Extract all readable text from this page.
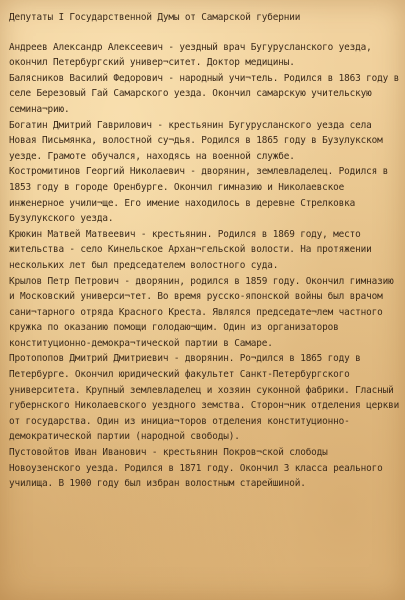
Депутаты I Государственной Думы от Самарской губернии

Андреев Александр Алексеевич - уездный врач Бугурусланского уезда, окончил Петербургский универ¬ситет. Доктор медицины.

Балясников Василий Федорович - народный учи¬тель. Родился в 1863 году в селе Березовый Гай Самарского уезда. Окончил самарскую учительскую семина¬рию.

Богатин Дмитрий Гаврилович - крестьянин Бугурусланского уезда села Новая Письмянка, волостной су¬дья. Родился в 1865 году в Бузулукском уезде. Грамоте обучался, находясь на военной службе.

Костромитинов Георгий Николаевич - дворянин, землевладелец. Родился в 1853 году в городе Оренбурге. Окончил гимназию и Николаевское инженерное учили¬ще. Его имение находилось в деревне Стрелковка Бузулукского уезда.

Крюкин Матвей Матвеевич - крестьянин. Родился в 1869 году, место жительства - село Кинельское Архан¬гельской волости. На протяжении нескольких лет был председателем волостного суда.

Крылов Петр Петрович - дворянин, родился в 1859 году. Окончил гимназию и Московский универси¬тет. Во время русско-японской войны был врачом сани¬тарного отряда Красного Креста. Являлся председате¬лем частного кружка по оказанию помощи голодаю¬щим. Один из организаторов конституционно-демокра¬тической партии в Самаре.

Протопопов Дмитрий Дмитриевич - дворянин. Ро¬дился в 1865 году в Петербурге. Окончил юридический факультет Санкт-Петербургского университета. Крупный землевладелец и хозяин суконной фабрики. Гласный губернского Николаевского уездного земства. Сторон¬ник отделения церкви от государства. Один из инициа¬торов отделения конституционно-демократической партии (народной свободы).

Пустовойтов Иван Иванович - крестьянин Покров¬ской слободы Новоузенского уезда. Родился в 1871 году. Окончил 3 класса реального училища. В 1900 году был избран волостным старейшиной.
